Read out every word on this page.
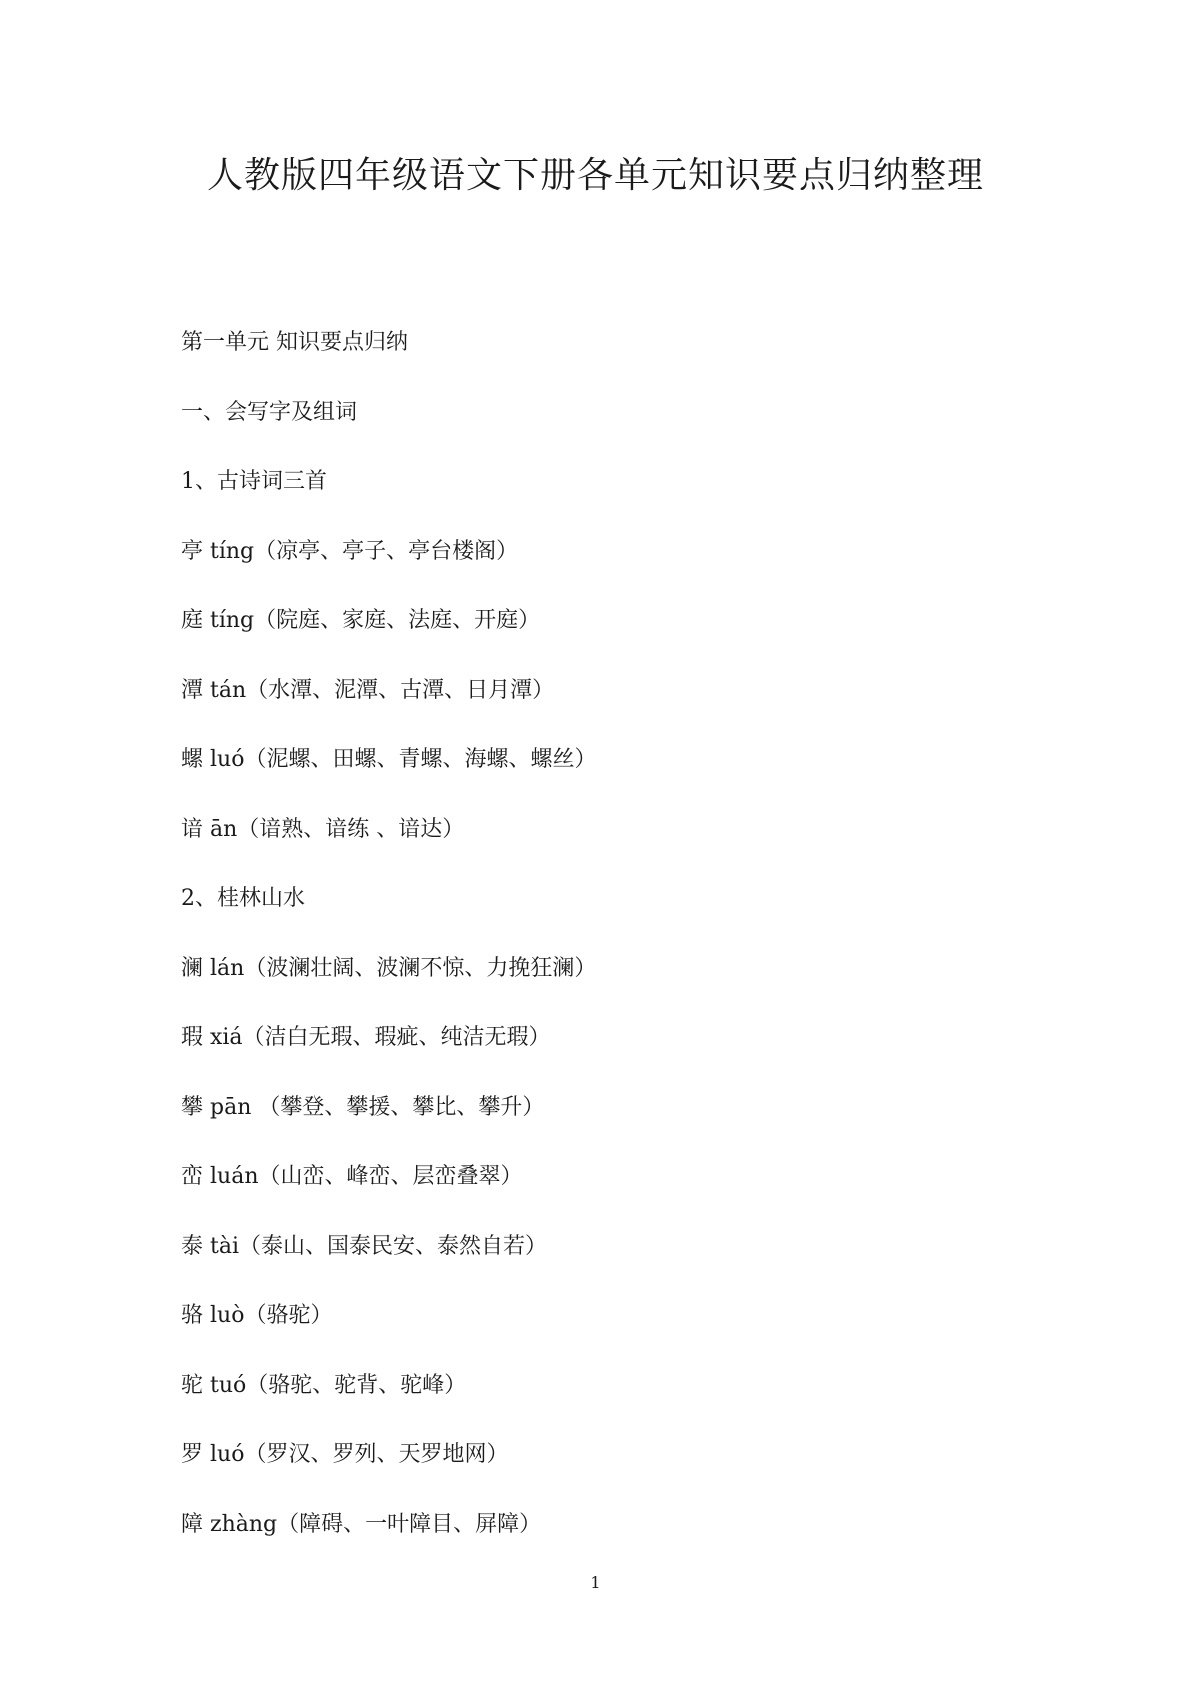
人教版四年级语文下册各单元知识要点归纳整理
第一单元 知识要点归纳
一、会写字及组词
1、古诗词三首
亭 tíng（凉亭、亭子、亭台楼阁）
庭 tíng（院庭、家庭、法庭、开庭）
潭 tán（水潭、泥潭、古潭、日月潭）
螺 luó（泥螺、田螺、青螺、海螺、螺丝）
谙 ān（谙熟、谙练 、谙达）
2、桂林山水
澜 lán（波澜壮阔、波澜不惊、力挽狂澜）
瑕 xiá（洁白无瑕、瑕疵、纯洁无瑕）
攀 pān （攀登、攀援、攀比、攀升）
峦 luán（山峦、峰峦、层峦叠翠）
泰 tài（泰山、国泰民安、泰然自若）
骆 luò（骆驼）
驼 tuó（骆驼、驼背、驼峰）
罗 luó（罗汉、罗列、天罗地网）
障 zhàng（障碍、一叶障目、屏障）
1
